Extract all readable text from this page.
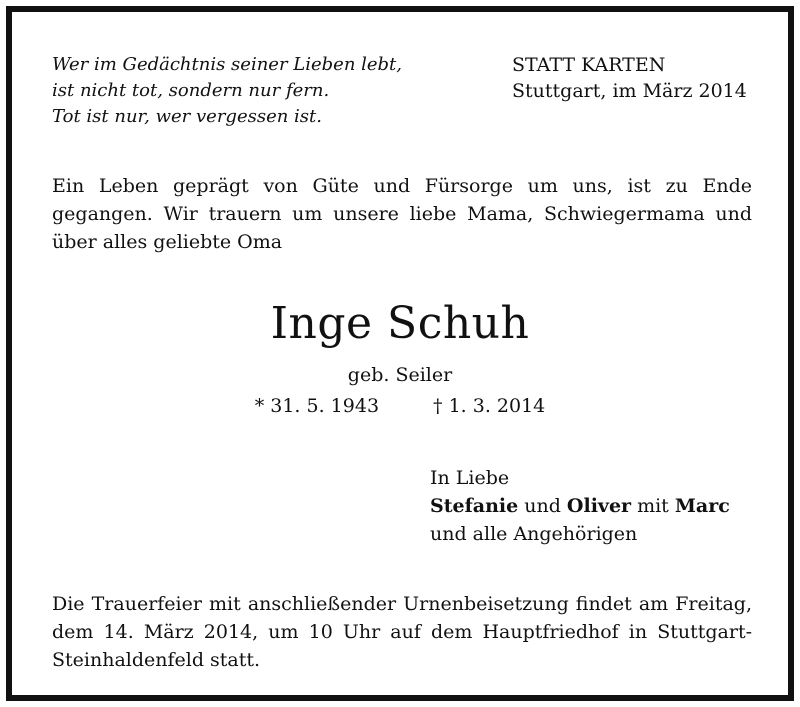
Wer im Gedächtnis seiner Lieben lebt,
ist nicht tot, sondern nur fern.
Tot ist nur, wer vergessen ist.
STATT KARTEN
Stuttgart, im März 2014
Ein Leben geprägt von Güte und Fürsorge um uns, ist zu Ende gegangen. Wir trauern um unsere liebe Mama, Schwiegermama und über alles geliebte Oma
Inge Schuh
geb. Seiler
* 31. 5. 1943	† 1. 3. 2014
In Liebe
Stefanie und Oliver mit Marc
und alle Angehörigen
Die Trauerfeier mit anschließender Urnenbeisetzung findet am Freitag, dem 14. März 2014, um 10 Uhr auf dem Hauptfriedhof in Stuttgart-Steinhaldenfeld statt.
